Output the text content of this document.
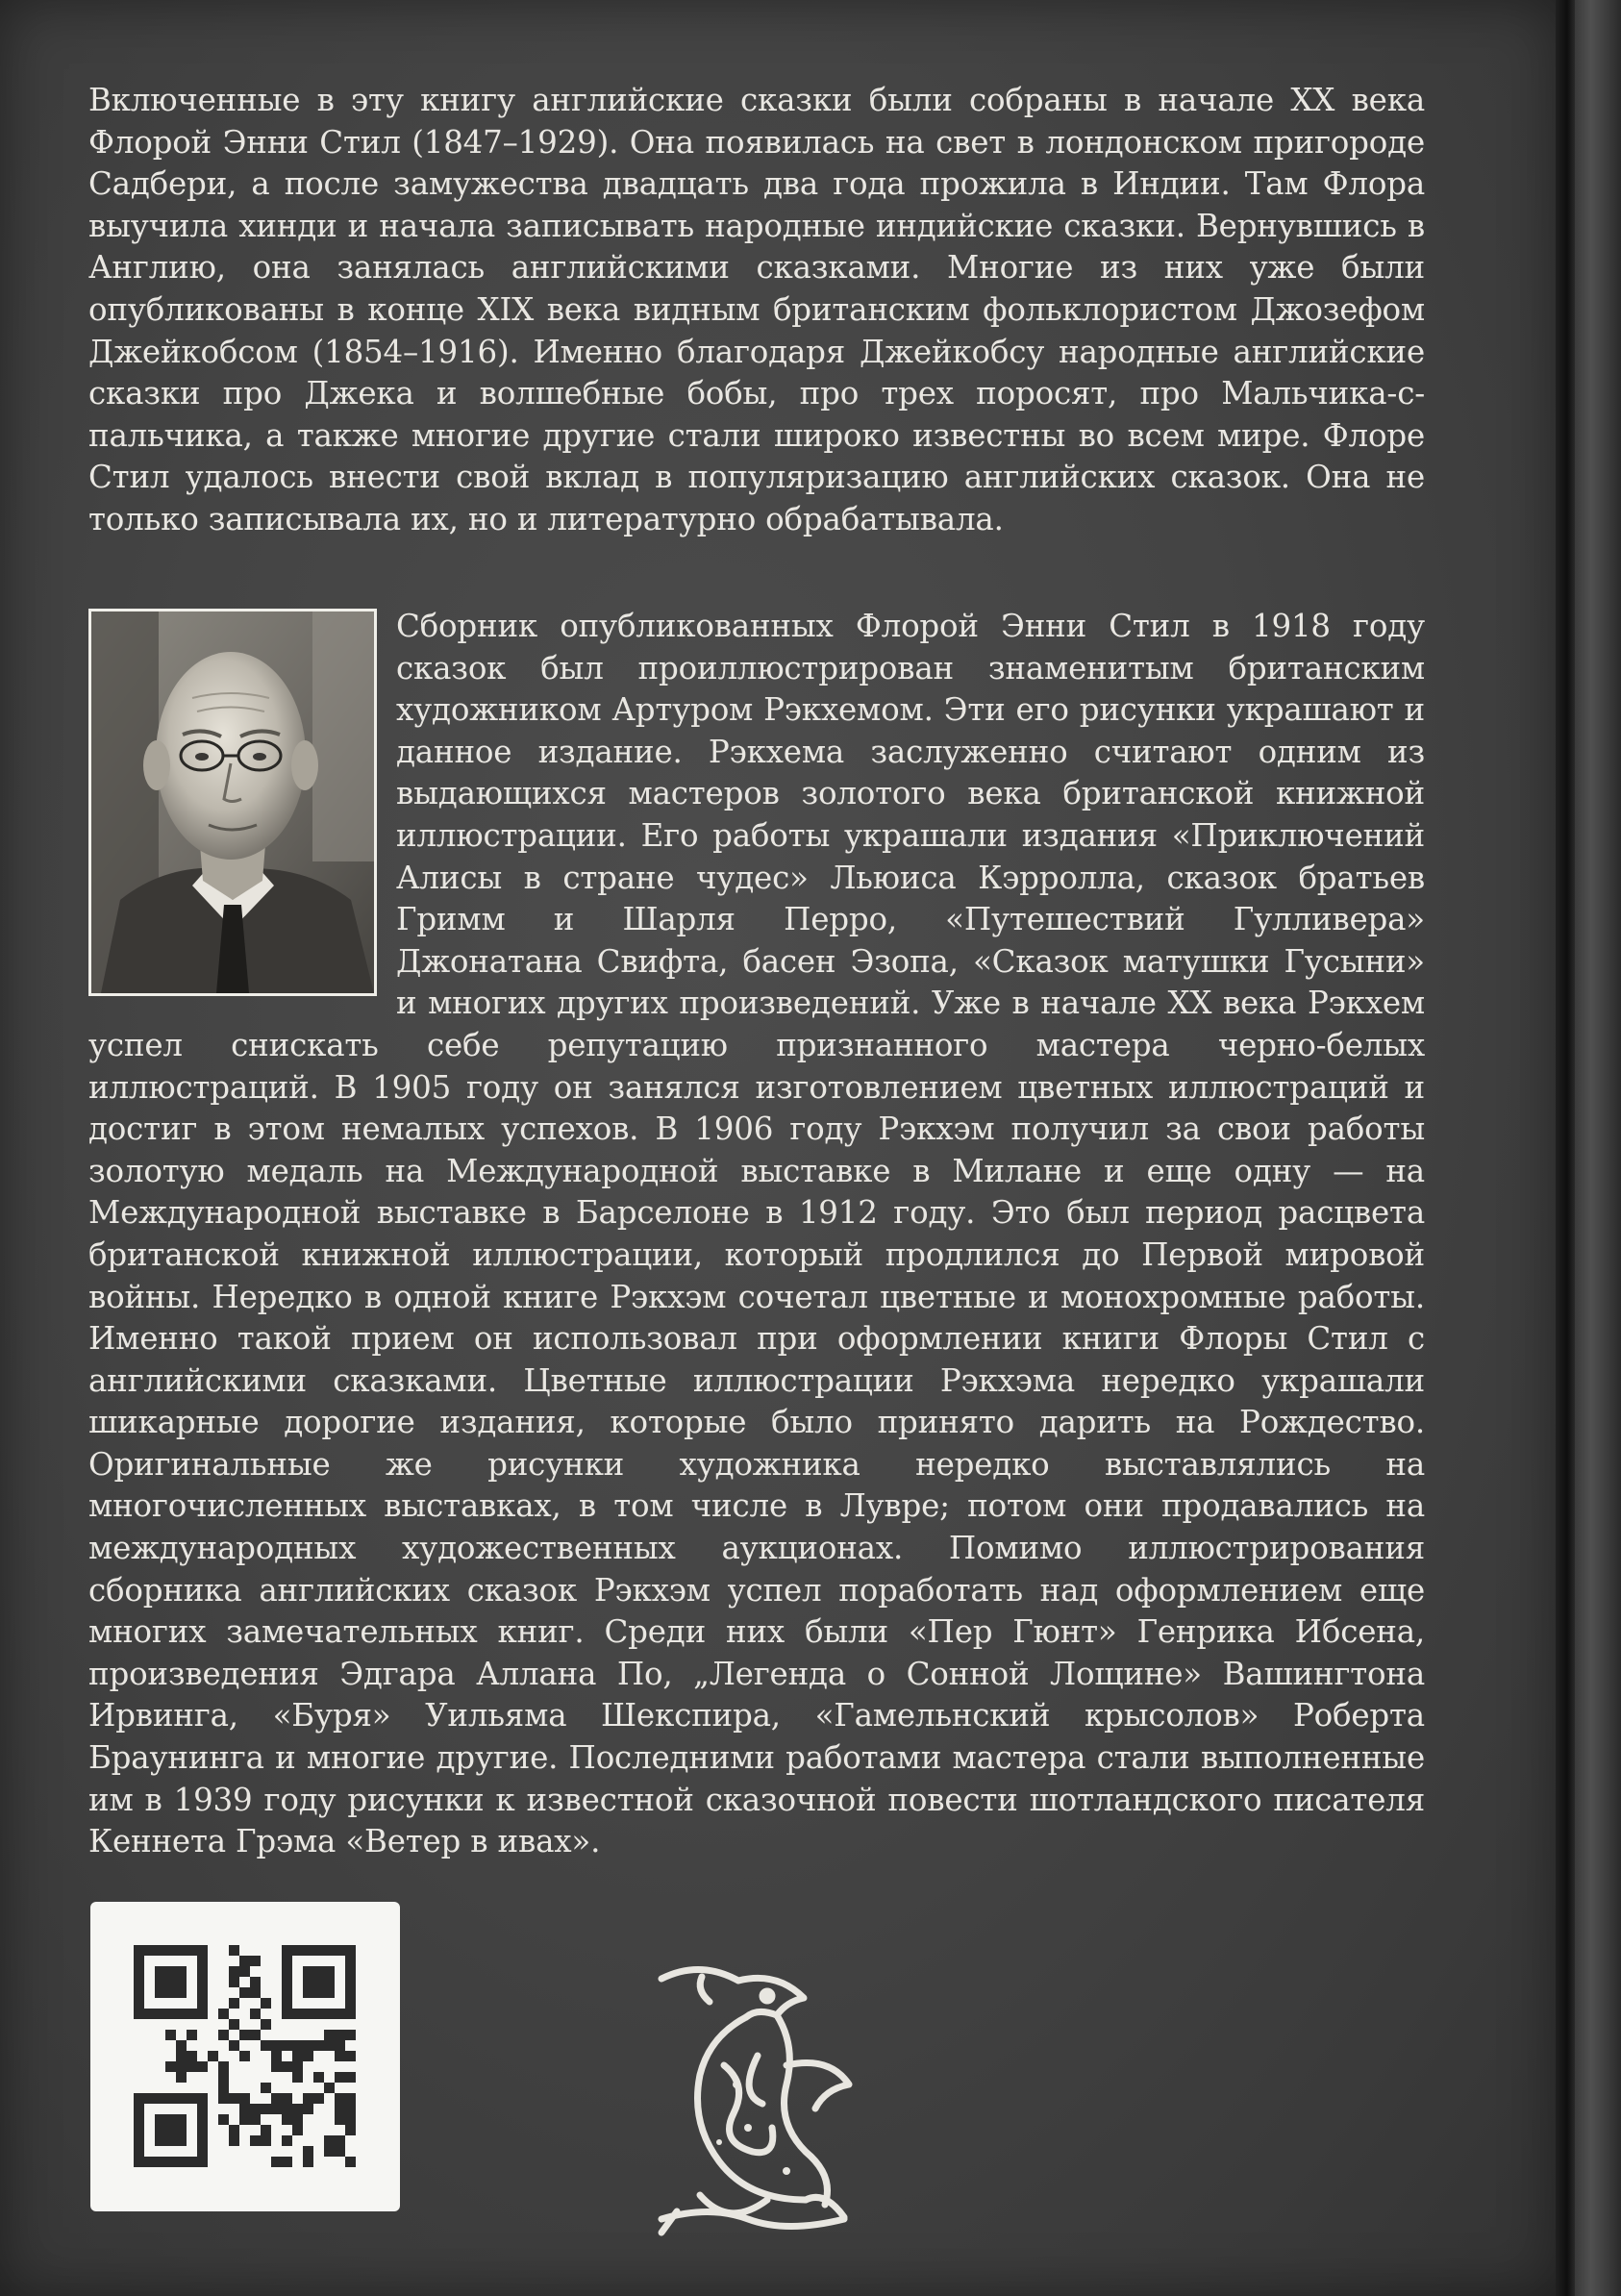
Включенные в эту книгу английские сказки были собраны в начале XX века Флорой Энни Стил (1847–1929). Она появилась на свет в лондонском пригороде Садбери, а после замужества двадцать два года прожила в Индии. Там Флора выучила хинди и начала записывать народные индийские сказки. Вернувшись в Англию, она занялась английскими сказками. Многие из них уже были опубликованы в конце XIX века видным британским фольклористом Джозефом Джейкобсом (1854–1916). Именно благодаря Джейкобсу народные английские сказки про Джека и волшебные бобы, про трех поросят, про Мальчика-с-пальчика, а также многие другие стали широко известны во всем мире. Флоре Стил удалось внести свой вклад в популяризацию английских сказок. Она не только записывала их, но и литературно обрабатывала.

Сборник опубликованных Флорой Энни Стил в 1918 году сказок был проиллюстрирован знаменитым британским художником Артуром Рэкхемом. Эти его рисунки украшают и данное издание. Рэкхема заслуженно считают одним из выдающихся мастеров золотого века британской книжной иллюстрации. Его работы украшали издания «Приключений Алисы в стране чудес» Льюиса Кэрролла, сказок братьев Гримм и Шарля Перро, «Путешествий Гулливера» Джонатана Свифта, басен Эзопа, «Сказок матушки Гусыни» и многих других произведений. Уже в начале XX века Рэкхем успел снискать себе репутацию признанного мастера черно-белых иллюстраций. В 1905 году он занялся изготовлением цветных иллюстраций и достиг в этом немалых успехов. В 1906 году Рэкхэм получил за свои работы золотую медаль на Международной выставке в Милане и еще одну — на Международной выставке в Барселоне в 1912 году. Это был период расцвета британской книжной иллюстрации, который продлился до Первой мировой войны. Нередко в одной книге Рэкхэм сочетал цветные и монохромные работы. Именно такой прием он использовал при оформлении книги Флоры Стил с английскими сказками. Цветные иллюстрации Рэкхэма нередко украшали шикарные дорогие издания, которые было принято дарить на Рождество. Оригинальные же рисунки художника нередко выставлялись на многочисленных выставках, в том числе в Лувре; потом они продавались на международных художественных аукционах. Помимо иллюстрирования сборника английских сказок Рэкхэм успел поработать над оформлением еще многих замечательных книг. Среди них были «Пер Гюнт» Генрика Ибсена, произведения Эдгара Аллана По, „Легенда о Сонной Лощине» Вашингтона Ирвинга, «Буря» Уильяма Шекспира, «Гамельнский крысолов» Роберта Браунинга и многие другие. Последними работами мастера стали выполненные им в 1939 году рисунки к известной сказочной повести шотландского писателя Кеннета Грэма «Ветер в ивах».
